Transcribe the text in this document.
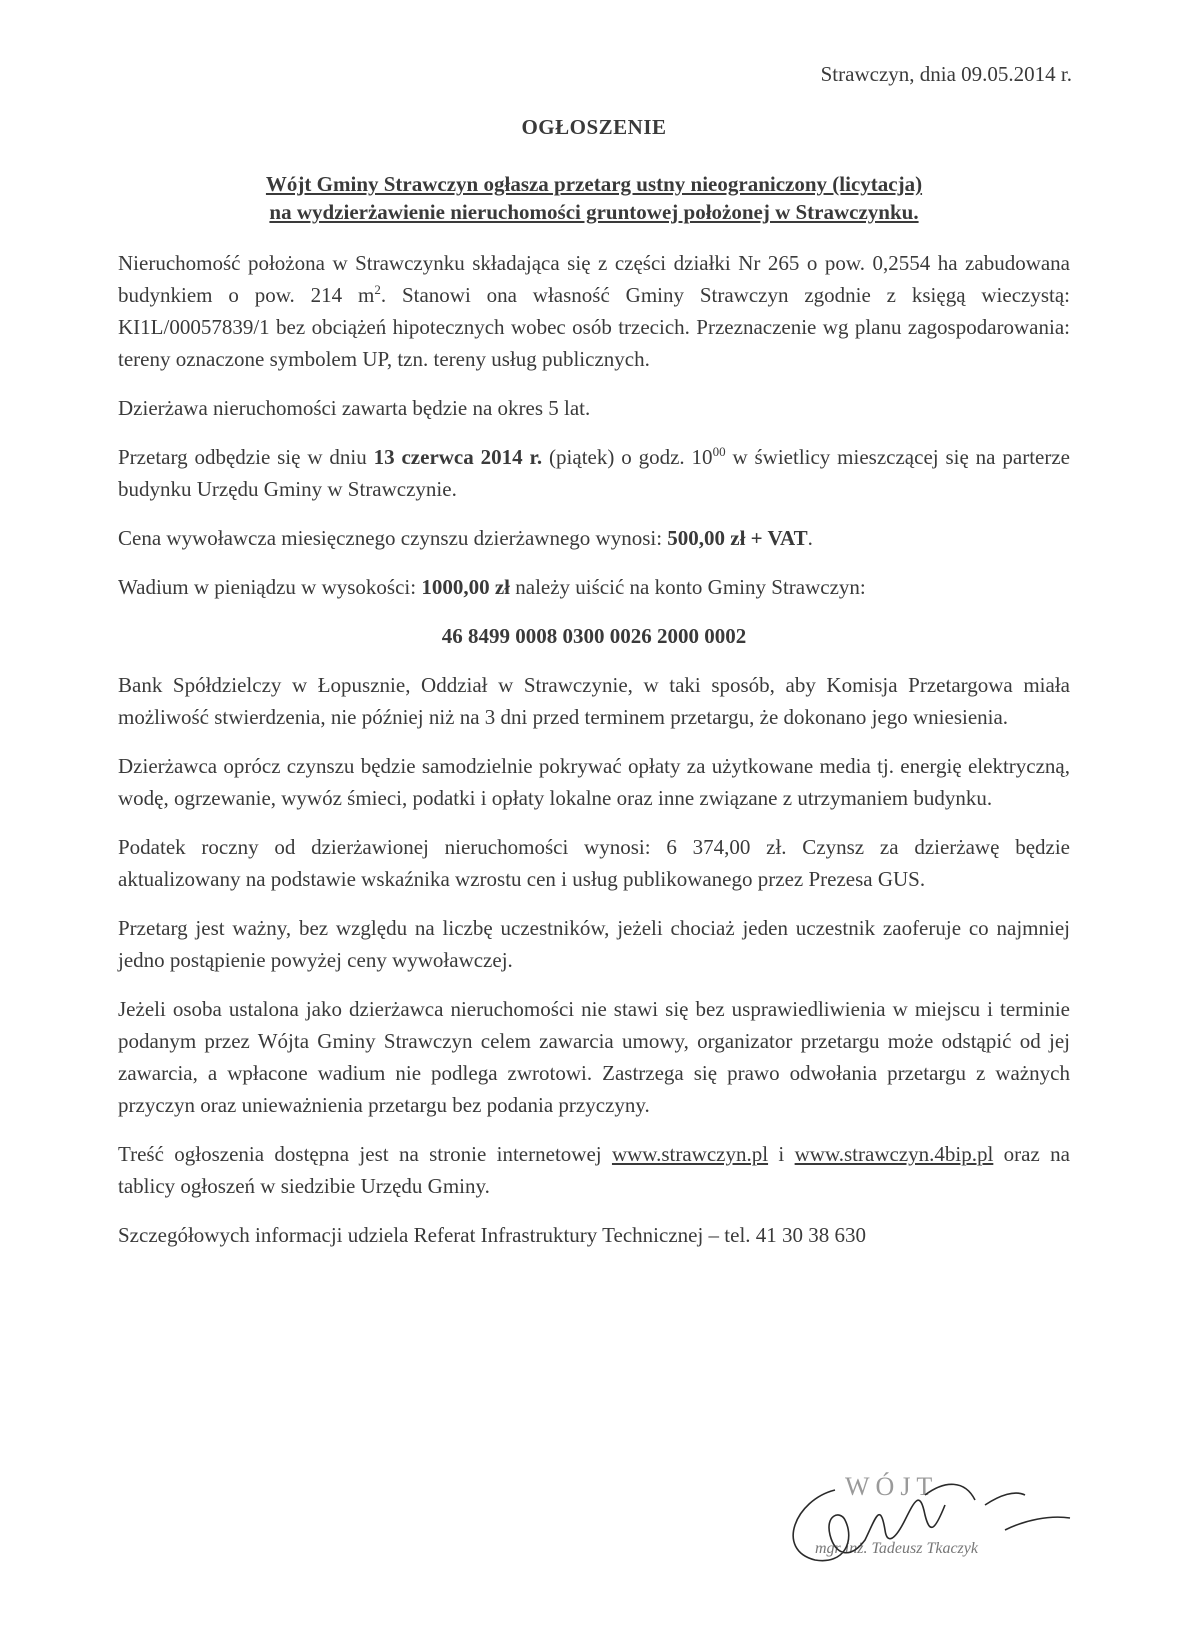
Strawczyn, dnia 09.05.2014 r.
OGŁOSZENIE
Wójt Gminy Strawczyn ogłasza przetarg ustny nieograniczony (licytacja)
na wydzierżawienie nieruchomości gruntowej położonej w Strawczynku.

Nieruchomość położona w Strawczynku składająca się z części działki Nr 265 o pow. 0,2554 ha zabudowana budynkiem o pow. 214 $m^2$. Stanowi ona własność Gminy Strawczyn zgodnie z księgą wieczystą: KI1L/00057839/1 bez obciążeń hipotecznych wobec osób trzecich. Przeznaczenie wg planu zagospodarowania: tereny oznaczone symbolem UP, tzn. tereny usług publicznych.

Dzierżawa nieruchomości zawarta będzie na okres 5 lat.

Przetarg odbędzie się w dniu 13 czerwca 2014 r. (piątek) o godz. $10^{00}$ w świetlicy mieszczącej się na parterze budynku Urzędu Gminy w Strawczynie.

Cena wywoławcza miesięcznego czynszu dzierżawnego wynosi: 500,00 zł + VAT.

Wadium w pieniądzu w wysokości: 1000,00 zł należy uiścić na konto Gminy Strawczyn:

46 8499 0008 0300 0026 2000 0002

Bank Spółdzielczy w Łopusznie, Oddział w Strawczynie, w taki sposób, aby Komisja Przetargowa miała możliwość stwierdzenia, nie później niż na 3 dni przed terminem przetargu, że dokonano jego wniesienia.

Dzierżawca oprócz czynszu będzie samodzielnie pokrywać opłaty za użytkowane media tj. energię elektryczną, wodę, ogrzewanie, wywóz śmieci, podatki i opłaty lokalne oraz inne związane z utrzymaniem budynku.

Podatek roczny od dzierżawionej nieruchomości wynosi: 6 374,00 zł. Czynsz za dzierżawę będzie aktualizowany na podstawie wskaźnika wzrostu cen i usług publikowanego przez Prezesa GUS.

Przetarg jest ważny, bez względu na liczbę uczestników, jeżeli chociaż jeden uczestnik zaoferuje co najmniej jedno postąpienie powyżej ceny wywoławczej.

Jeżeli osoba ustalona jako dzierżawca nieruchomości nie stawi się bez usprawiedliwienia w miejscu i terminie podanym przez Wójta Gminy Strawczyn celem zawarcia umowy, organizator przetargu może odstąpić od jej zawarcia, a wpłacone wadium nie podlega zwrotowi. Zastrzega się prawo odwołania przetargu z ważnych przyczyn oraz unieważnienia przetargu bez podania przyczyny.

Treść ogłoszenia dostępna jest na stronie internetowej www.strawczyn.pl i www.strawczyn.4bip.pl oraz na tablicy ogłoszeń w siedzibie Urzędu Gminy.

Szczegółowych informacji udziela Referat Infrastruktury Technicznej – tel. 41 30 38 630

WÓJT
mgr inż. Tadeusz Tkaczyk
